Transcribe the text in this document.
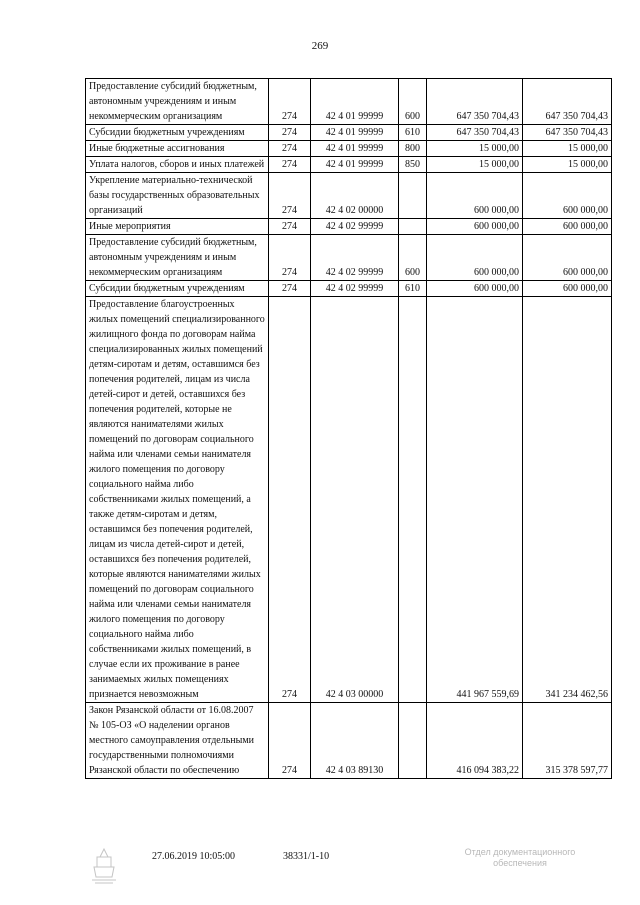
269
Предоставление субсидий бюджетным, автономным учреждениям и иным некоммерческим организациям	274	42 4 01 99999	600	647 350 704,43	647 350 704,43
Субсидии бюджетным учреждениям	274	42 4 01 99999	610	647 350 704,43	647 350 704,43
Иные бюджетные ассигнования	274	42 4 01 99999	800	15 000,00	15 000,00
Уплата налогов, сборов и иных платежей	274	42 4 01 99999	850	15 000,00	15 000,00
Укрепление материально-технической базы государственных образовательных организаций	274	42 4 02 00000		600 000,00	600 000,00
Иные мероприятия	274	42 4 02 99999		600 000,00	600 000,00
Предоставление субсидий бюджетным, автономным учреждениям и иным некоммерческим организациям	274	42 4 02 99999	600	600 000,00	600 000,00
Субсидии бюджетным учреждениям	274	42 4 02 99999	610	600 000,00	600 000,00
Предоставление благоустроенных жилых помещений специализированного жилищного фонда по договорам найма специализированных жилых помещений детям-сиротам и детям, оставшимся без попечения родителей, лицам из числа детей-сирот и детей, оставшихся без попечения родителей, которые не являются нанимателями жилых помещений по договорам социального найма или членами семьи нанимателя жилого помещения по договору социального найма либо собственниками жилых помещений, а также детям-сиротам и детям, оставшимся без попечения родителей, лицам из числа детей-сирот и детей, оставшихся без попечения родителей, которые являются нанимателями жилых помещений по договорам социального найма или членами семьи нанимателя жилого помещения по договору социального найма либо собственниками жилых помещений, в случае если их проживание в ранее занимаемых жилых помещениях признается невозможным	274	42 4 03 00000		441 967 559,69	341 234 462,56
Закон Рязанской области от 16.08.2007 № 105-ОЗ «О наделении органов местного самоуправления отдельными государственными полномочиями Рязанской области по обеспечению	274	42 4 03 89130		416 094 383,22	315 378 597,77
27.06.2019 10:05:00	38331/1-10	Отдел документационного
обеспечения
